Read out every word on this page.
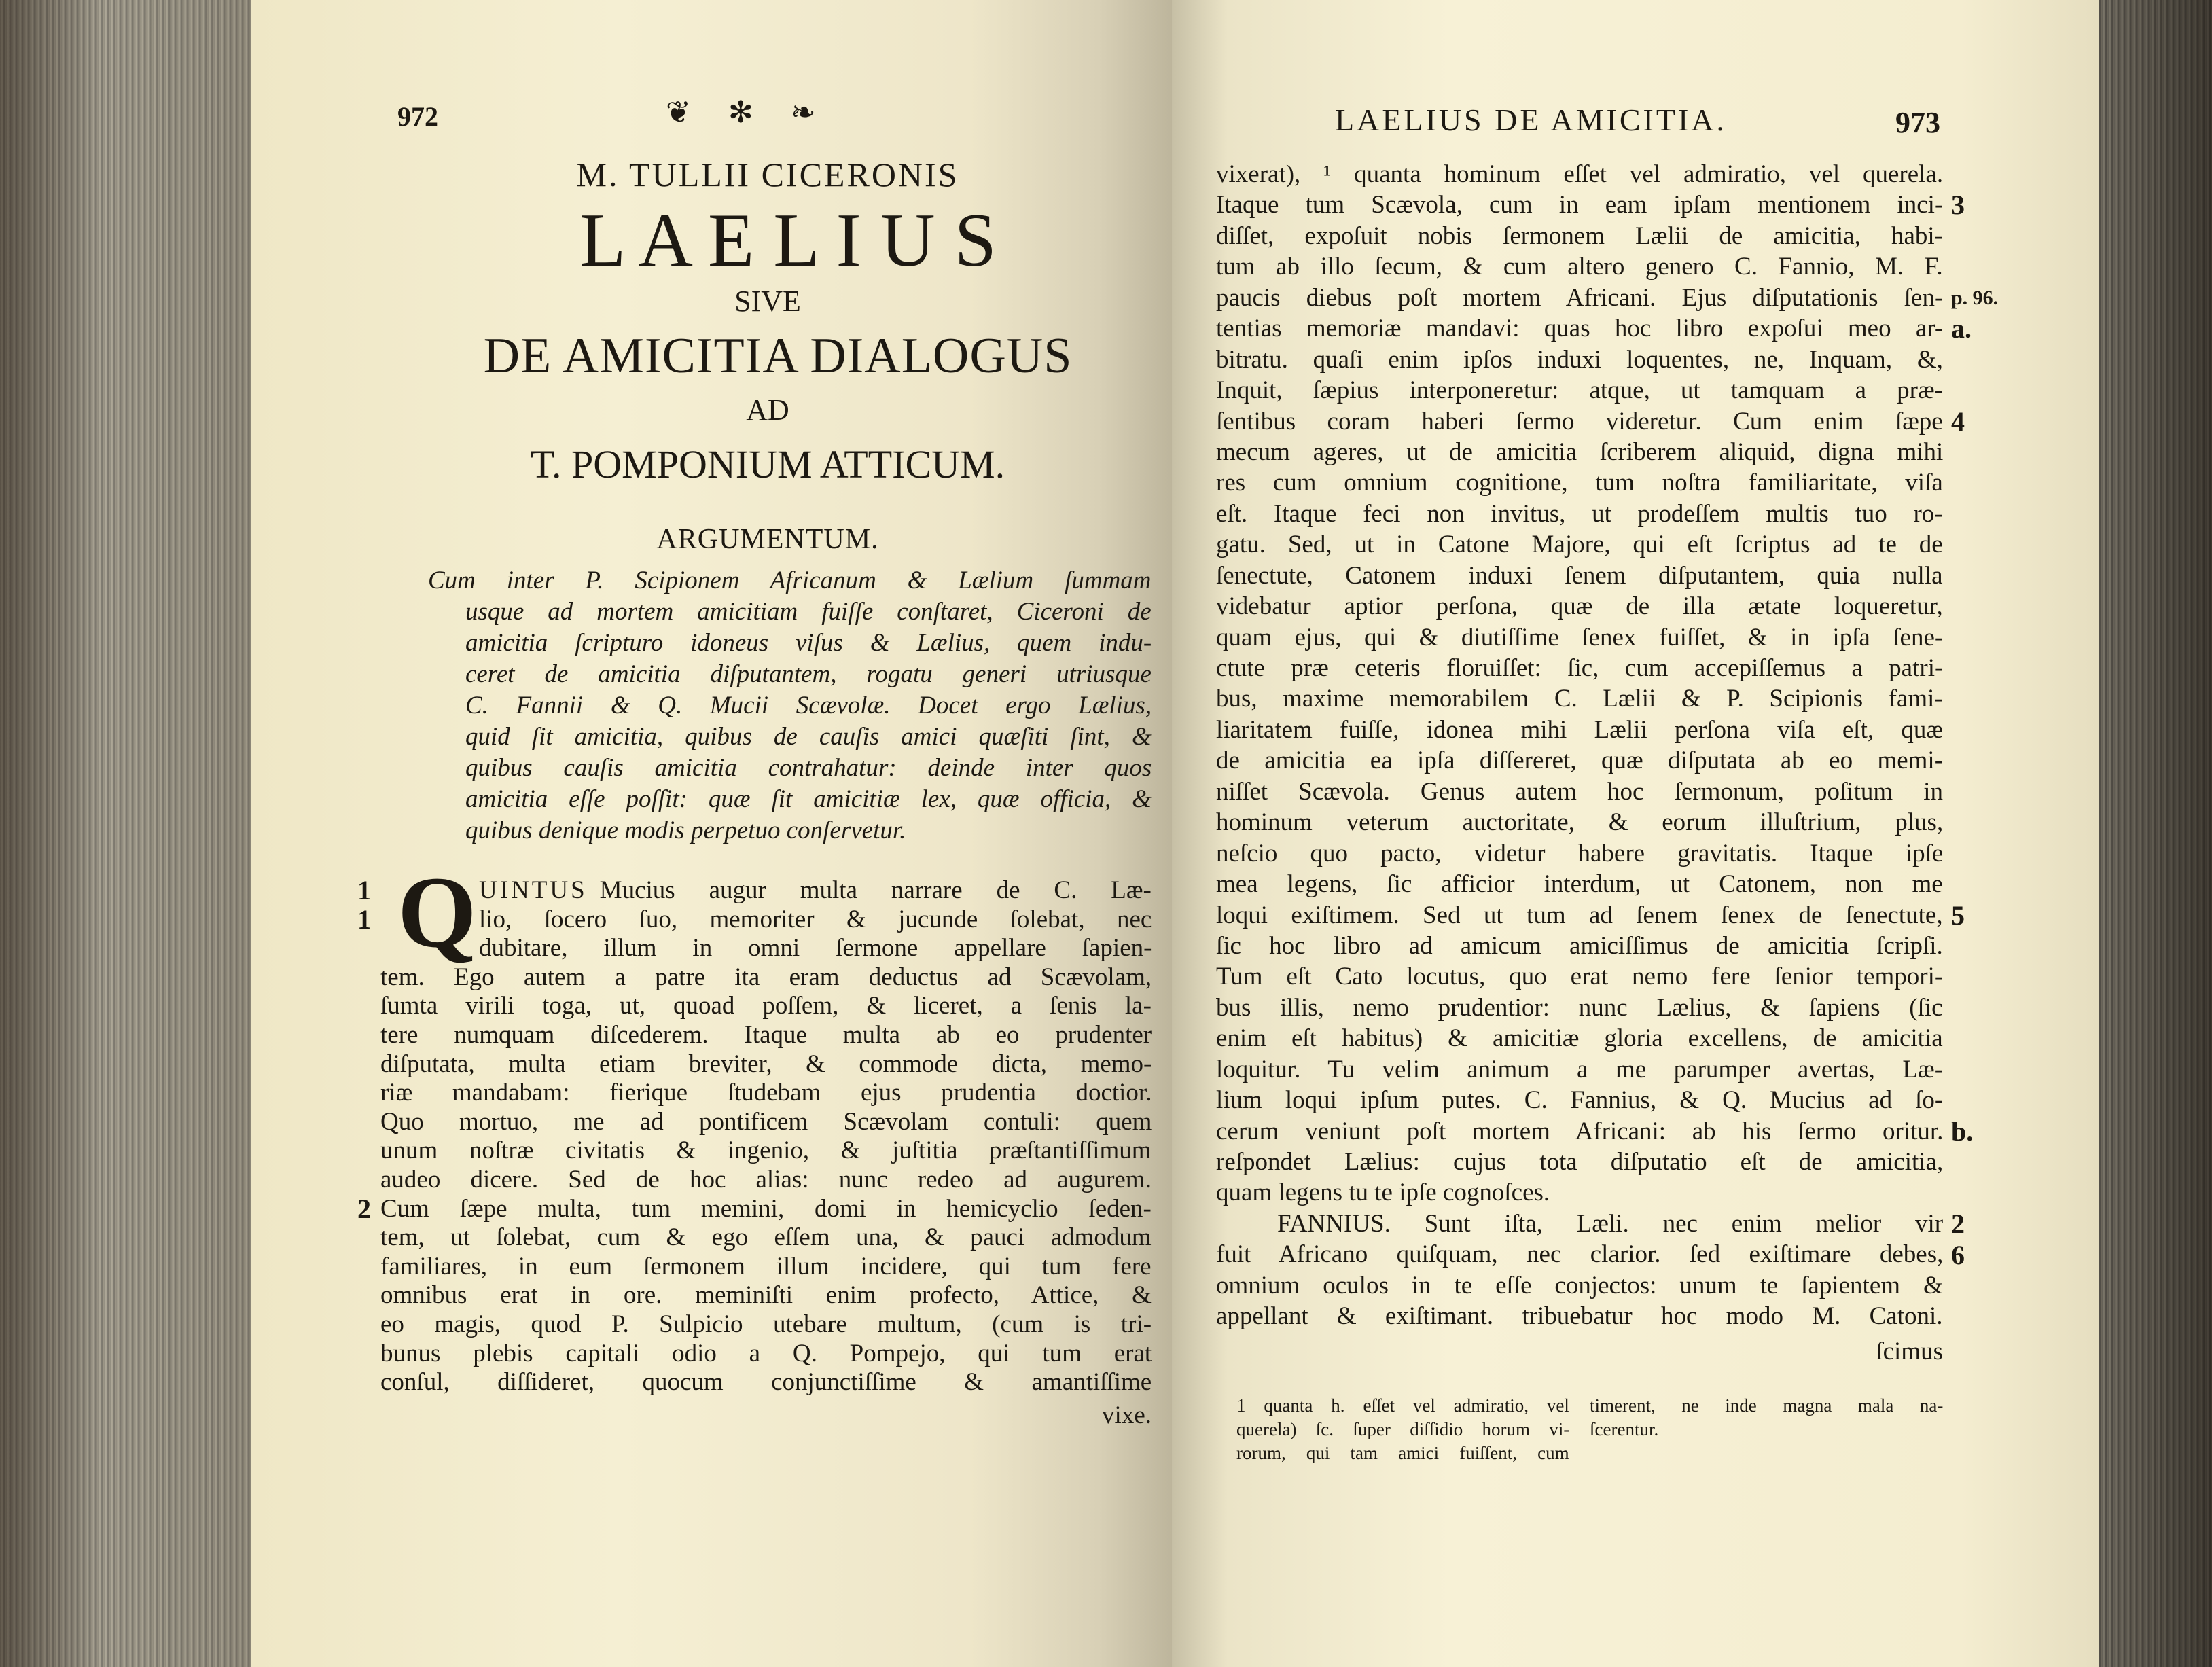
972	❦ ✻ ❧
M. TULLII CICERONIS
L A E L I U S
SIVE
DE AMICITIA DIALOGUS
AD
T. POMPONIUM ATTICUM.
ARGUMENTUM.
Cum inter P. Scipionem Africanum & Lælium ſummam
usque ad mortem amicitiam fuiſſe conſtaret, Ciceroni de
amicitia ſcripturo idoneus viſus & Lælius, quem indu-
ceret de amicitia diſputantem, rogatu generi utriusque
C. Fannii & Q. Mucii Scævolæ. Docet ergo Lælius,
quid ſit amicitia, quibus de cauſis amici quæſiti ſint, &
quibus cauſis amicitia contrahatur: deinde inter quos
amicitia eſſe poſſit: quæ ſit amicitiæ lex, quæ officia, &
quibus denique modis perpetuo conſervetur.
Q UINTUS Mucius augur multa narrare de C. Læ-
lio, ſocero ſuo, memoriter & jucunde ſolebat, nec
dubitare, illum in omni ſermone appellare ſapien-
tem. Ego autem a patre ita eram deductus ad Scævolam,
ſumta virili toga, ut, quoad poſſem, & liceret, a ſenis la-
tere numquam diſcederem. Itaque multa ab eo prudenter
diſputata, multa etiam breviter, & commode dicta, memo-
riæ mandabam: fierique ſtudebam ejus prudentia doctior.
Quo mortuo, me ad pontificem Scævolam contuli: quem
unum noſtræ civitatis & ingenio, & juſtitia præſtantiſſimum
audeo dicere. Sed de hoc alias: nunc redeo ad augurem.
Cum ſæpe multa, tum memini, domi in hemicyclio ſeden-
tem, ut ſolebat, cum & ego eſſem una, & pauci admodum
familiares, in eum ſermonem illum incidere, qui tum fere
omnibus erat in ore. meminiſti enim profecto, Attice, &
eo magis, quod P. Sulpicio utebare multum, (cum is tri-
bunus plebis capitali odio a Q. Pompejo, qui tum erat
conſul, diſſideret, quocum conjunctiſſime & amantiſſime
vixe.
1
1
2
LAELIUS DE AMICITIA.	973
vixerat), ¹ quanta hominum eſſet vel admiratio, vel querela.
Itaque tum Scævola, cum in eam ipſam mentionem inci-
diſſet, expoſuit nobis ſermonem Lælii de amicitia, habi-
tum ab illo ſecum, & cum altero genero C. Fannio, M. F.
paucis diebus poſt mortem Africani. Ejus diſputationis ſen-
tentias memoriæ mandavi: quas hoc libro expoſui meo ar-
bitratu. quaſi enim ipſos induxi loquentes, ne, Inquam, &,
Inquit, ſæpius interponeretur: atque, ut tamquam a præ-
ſentibus coram haberi ſermo videretur. Cum enim ſæpe
mecum ageres, ut de amicitia ſcriberem aliquid, digna mihi
res cum omnium cognitione, tum noſtra familiaritate, viſa
eſt. Itaque feci non invitus, ut prodeſſem multis tuo ro-
gatu. Sed, ut in Catone Majore, qui eſt ſcriptus ad te de
ſenectute, Catonem induxi ſenem diſputantem, quia nulla
videbatur aptior perſona, quæ de illa ætate loqueretur,
quam ejus, qui & diutiſſime ſenex fuiſſet, & in ipſa ſene-
ctute præ ceteris floruiſſet: ſic, cum accepiſſemus a patri-
bus, maxime memorabilem C. Lælii & P. Scipionis fami-
liaritatem fuiſſe, idonea mihi Lælii perſona viſa eſt, quæ
de amicitia ea ipſa diſſereret, quæ diſputata ab eo memi-
niſſet Scævola. Genus autem hoc ſermonum, poſitum in
hominum veterum auctoritate, & eorum illuſtrium, plus,
neſcio quo pacto, videtur habere gravitatis. Itaque ipſe
mea legens, ſic afficior interdum, ut Catonem, non me
loqui exiſtimem. Sed ut tum ad ſenem ſenex de ſenectute,
ſic hoc libro ad amicum amiciſſimus de amicitia ſcripſi.
Tum eſt Cato locutus, quo erat nemo fere ſenior tempori-
bus illis, nemo prudentior: nunc Lælius, & ſapiens (ſic
enim eſt habitus) & amicitiæ gloria excellens, de amicitia
loquitur. Tu velim animum a me parumper avertas, Læ-
lium loqui ipſum putes. C. Fannius, & Q. Mucius ad ſo-
cerum veniunt poſt mortem Africani: ab his ſermo oritur.
reſpondet Lælius: cujus tota diſputatio eſt de amicitia,
quam legens tu te ipſe cognoſces.
FANNIUS. Sunt iſta, Læli. nec enim melior vir
fuit Africano quiſquam, nec clarior. ſed exiſtimare debes,
omnium oculos in te eſſe conjectos: unum te ſapientem &
appellant & exiſtimant. tribuebatur hoc modo M. Catoni.
ſcimus
3
p. 96.
a.
4
5
b.
2
6
1 quanta h. eſſet vel admiratio, vel
querela) ſc. ſuper diſſidio horum vi-
rorum, qui tam amici fuiſſent, cum
timerent, ne inde magna mala na-
ſcerentur.
